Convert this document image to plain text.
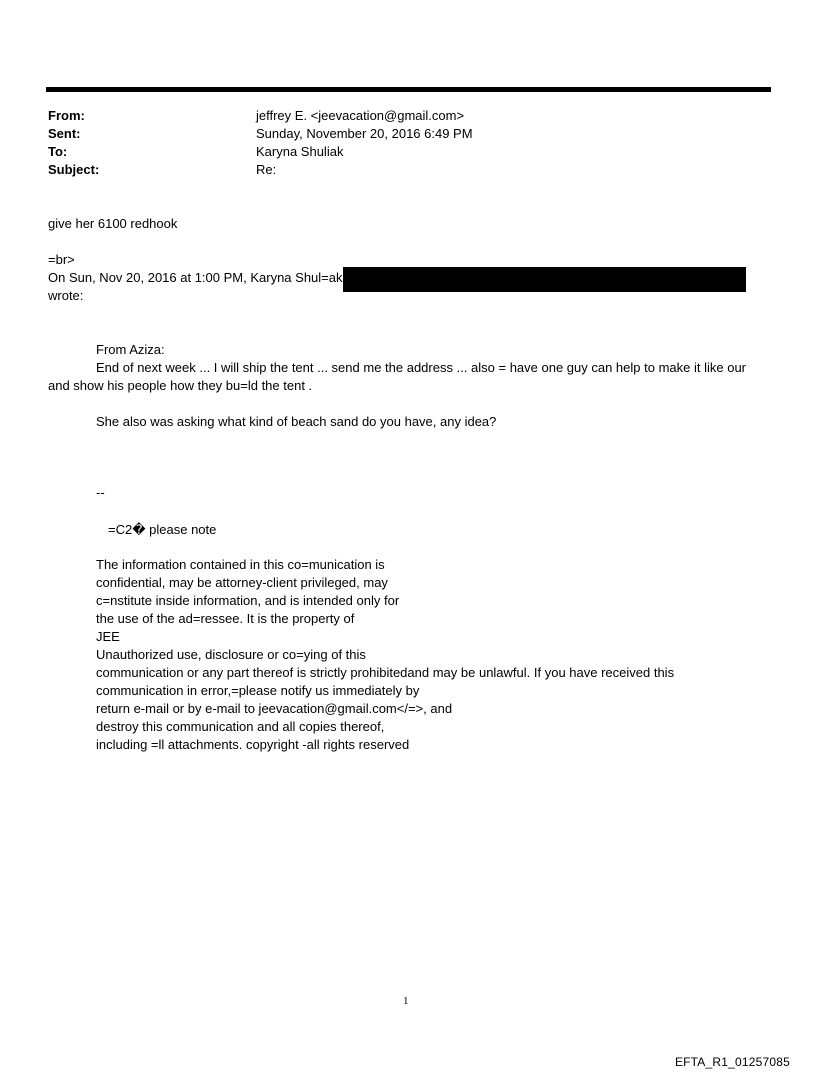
From:	jeffrey E. <jeevacation@gmail.com>
Sent:	Sunday, November 20, 2016 6:49 PM
To:	Karyna Shuliak
Subject:	Re:
give her 6100 redhook
=br>
On Sun, Nov 20, 2016 at 1:00 PM, Karyna Shul=ak
wrote:
From Aziza:
End of next week ... I will ship the tent ... send me the address ... also = have one guy can help to make it like our
and show his people how they bu=ld the tent .
She also was asking what kind of beach sand do you have, any idea?
--
=C2� please note
The information contained in this co=munication is
confidential, may be attorney-client privileged, may
c=nstitute inside information, and is intended only for
the use of the ad=ressee. It is the property of
JEE
Unauthorized use, disclosure or co=ying of this
communication or any part thereof is strictly prohibitedand may be unlawful. If you have received this
communication in error,=please notify us immediately by
return e-mail or by e-mail to jeevacation@gmail.com</=>, and
destroy this communication and all copies thereof,
including =ll attachments. copyright -all rights reserved
1
EFTA_R1_01257085
